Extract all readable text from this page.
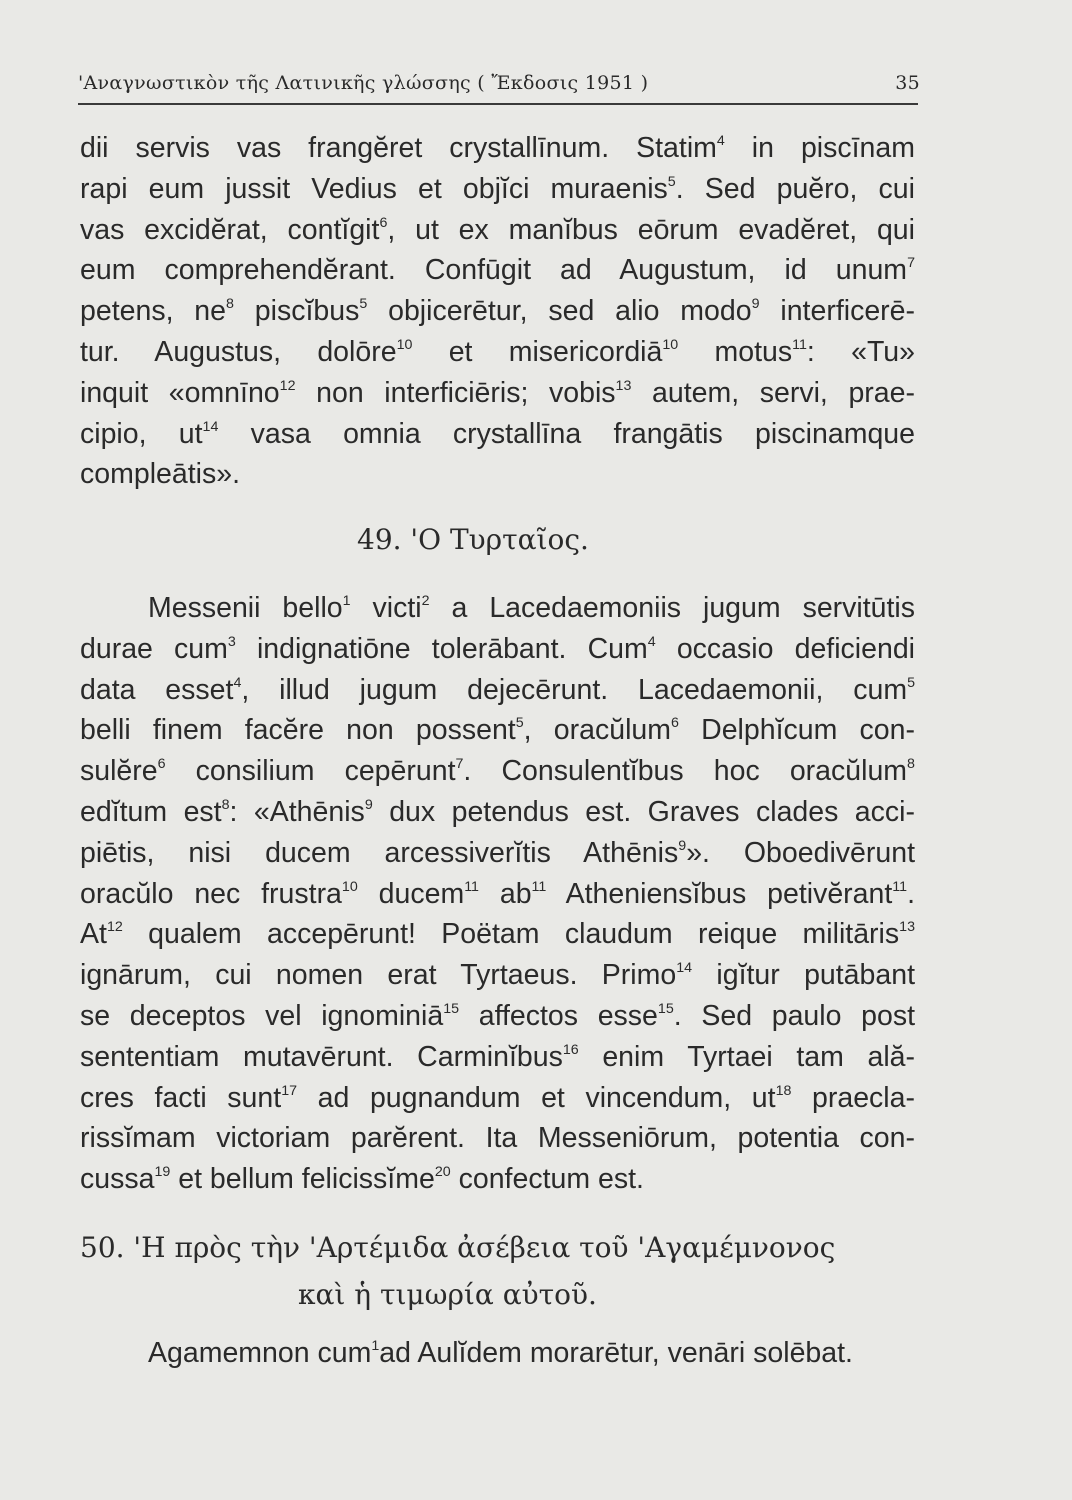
'Αναγνωστικὸν τῆς Λατινικῆς γλώσσης ( Ἔκδοσις 1951 )	35
dii servis vas frangĕret crystallīnum. Statim$^4$ in piscīnam
rapi eum jussit Vedius et objĭci muraenis$^5$. Sed puĕro, cui
vas excidĕrat, contĭgit$^6$, ut ex manĭbus eōrum evadĕret, qui
eum comprehendĕrant. Confūgit ad Augustum, id unum$^7$
petens, $ne^8$ piscĭbus$^5$ objicerētur, sed alio modo$^9$ interficerē-
tur. Augustus, dolōre$^{10}$ et misericordiā$^{10}$ motus$^{11}$: «Tu»
inquit «omnīno$^{12}$ non interficiēris; vobis$^{13}$ autem, servi, prae-
cipio, $ut^{14}$ vasa omnia crystallīna frangātis piscinamque
compleātis».
49. 'Ο Τυρταῖος.
Messenii bello$^1$ victi$^2$ a Lacedaemoniis jugum servitūtis
durae cum$^3$ indignatiōne tolerābant. Cum$^4$ occasio deficiendi
data esset$^4$, illud jugum dejecērunt. Lacedaemonii, cum$^5$
belli finem facĕre non possent$^5$, oracŭlum$^6$ Delphĭcum con-
sulĕre$^6$ consilium cepērunt$^7$. Consulentĭbus hoc oracŭlum$^8$
edĭtum est$^8$: «Athēnis$^9$ dux petendus est. Graves clades acci-
piētis, nisi ducem arcessiverĭtis Athēnis$^9$». Oboedivērunt
oracŭlo nec frustra$^{10}$ ducem$^{11}$ $ab^{11}$ Atheniensĭbus petivĕrant$^{11}$.
At$^{12}$ qualem accepērunt! Poëtam claudum reique militāris$^{13}$
ignārum, cui nomen erat Tyrtaeus. Primo$^{14}$ igĭtur putābant
se deceptos vel ignominiā$^{15}$ affectos esse$^{15}$. Sed paulo post
sententiam mutavērunt. Carminĭbus$^{16}$ enim Tyrtaei tam ală-
cres facti sunt$^{17}$ ad pugnandum et vincendum, $ut^{18}$ praecla-
rissĭmam victoriam parĕrent. Ita Messeniōrum, potentia con-
cussa$^{19}$ et bellum felicissĭme$^{20}$ confectum est.
50. 'Η πρὸς τὴν 'Αρτέμιδα ἀσέβεια τοῦ 'Αγαμέμνονος
καὶ ἡ τιμωρία αὐτοῦ.
Agamemnon cum$^1$ad Aulĭdem morarētur, venāri solēbat.
